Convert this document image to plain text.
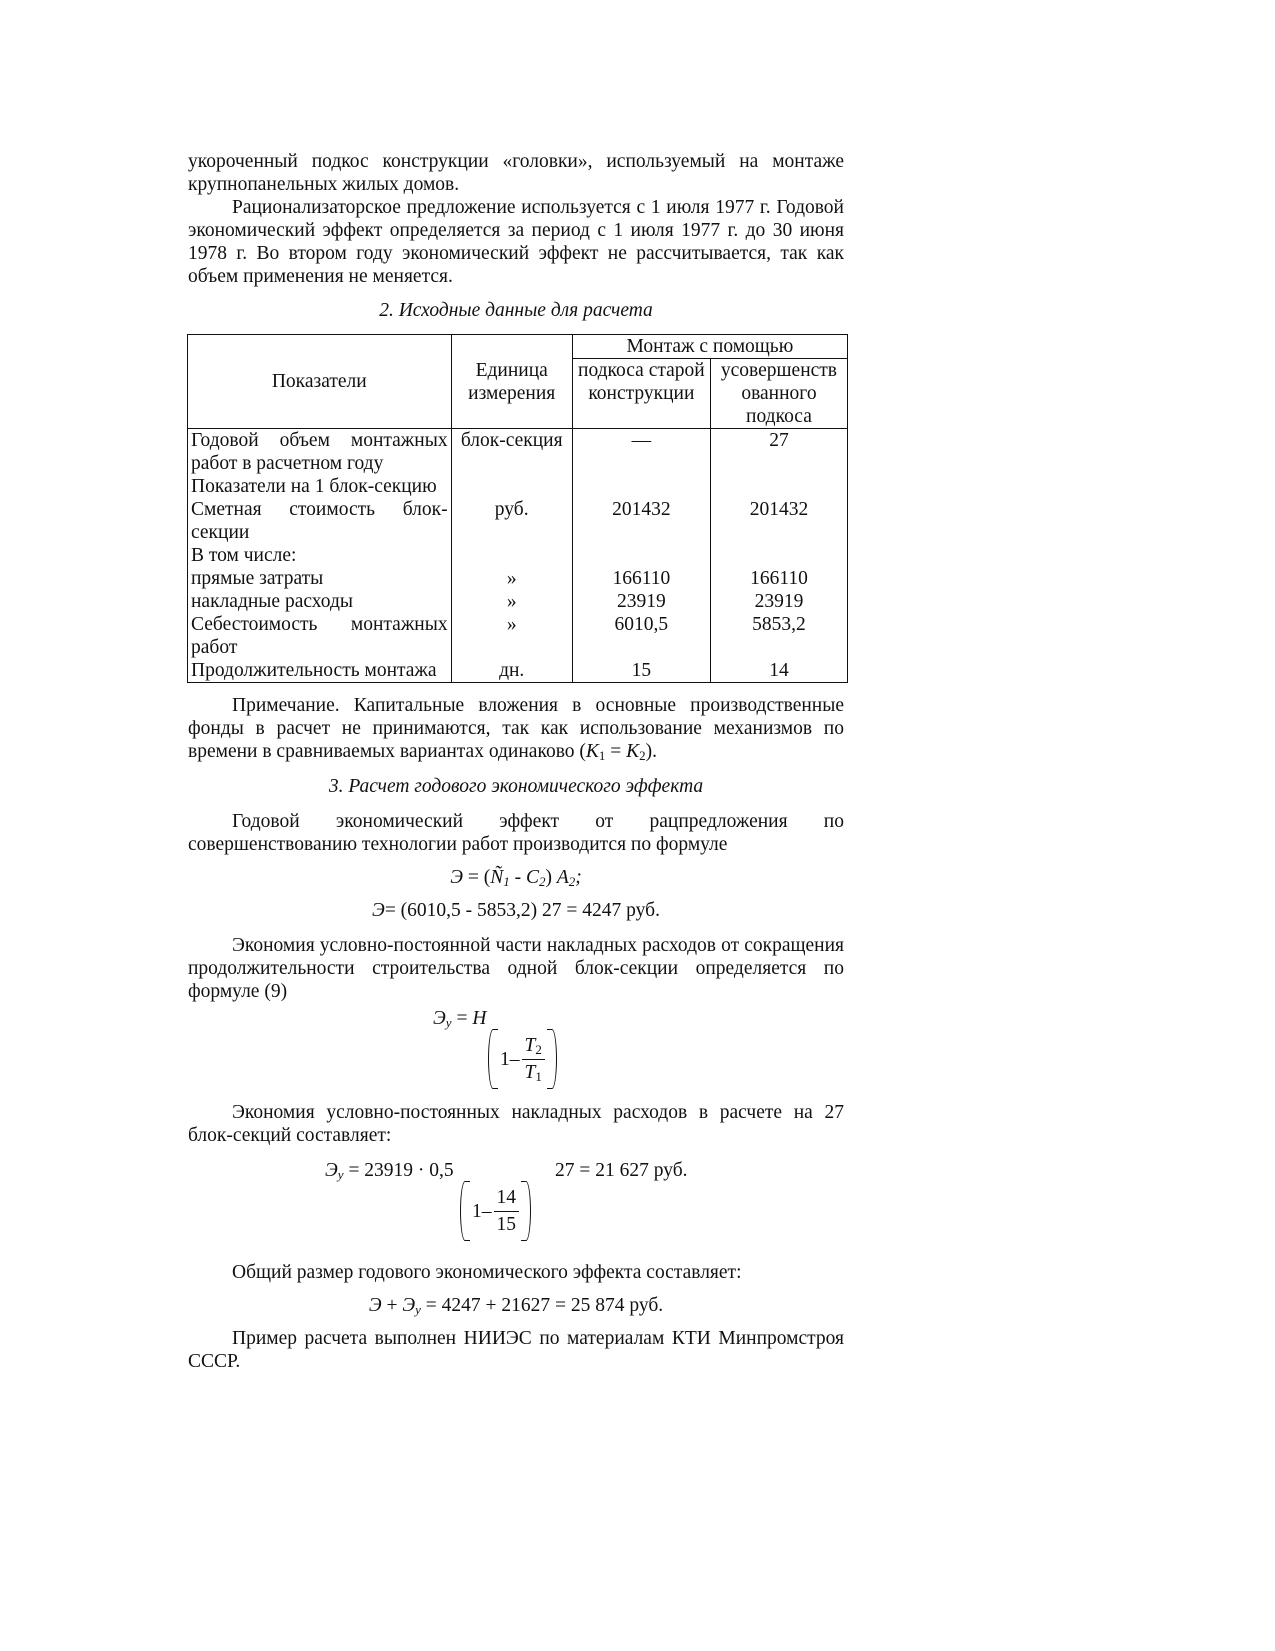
укороченный подкос конструкции «головки», используемый на монтаже крупнопанельных жилых домов.

Рационализаторское предложение используется с 1 июля 1977 г. Годовой экономический эффект определяется за период с 1 июля 1977 г. до 30 июня 1978 г. Во втором году экономический эффект не рассчитывается, так как объем применения не меняется.

2. Исходные данные для расчета

Показатели	Единица измерения	Монтаж с помощью	
		подкоса старой конструкции	усовершенств ованного подкоса
Годовой объем монтажных работ в расчетном году	блок-секция	—	27
Показатели на 1 блок-секцию			
Сметная стоимость блок-секции	руб.	201432	201432
В том числе:			
прямые затраты	»	166110	166110
накладные расходы	»	23919	23919
Себестоимость монтажных работ	»	6010,5	5853,2
Продолжительность монтажа	дн.	15	14

Примечание. Капитальные вложения в основные производственные фонды в расчет не принимаются, так как использование механизмов по времени в сравниваемых вариантах одинаково $(K_1 = K_2)$.

3. Расчет годового экономического эффекта

Годовой экономический эффект от рацпредложения по совершенствованию технологии работ производится по формуле

$Э = (Ñ_1 - С_2)$ $А_2$;

Э= (6010,5 - 5853,2) 27 = 4247 руб.

Экономия условно-постоянной части накладных расходов от сокращения продолжительности строительства одной блок-секции определяется по формуле (9)

$Э_у = Н$
$1 - \frac{T_2}{T_1}$

Экономия условно-постоянных накладных расходов в расчете на 27 блок-секций составляет:

$Э_у = 23919 \cdot 0,5$	27 = 21 627 руб.
$1 - \frac{14}{15}$

Общий размер годового экономического эффекта составляет:

$Э + Э_у = 4247 + 21627 = 25$ 874 руб.

Пример расчета выполнен НИИЭС по материалам КТИ Минпромстроя СССР.
